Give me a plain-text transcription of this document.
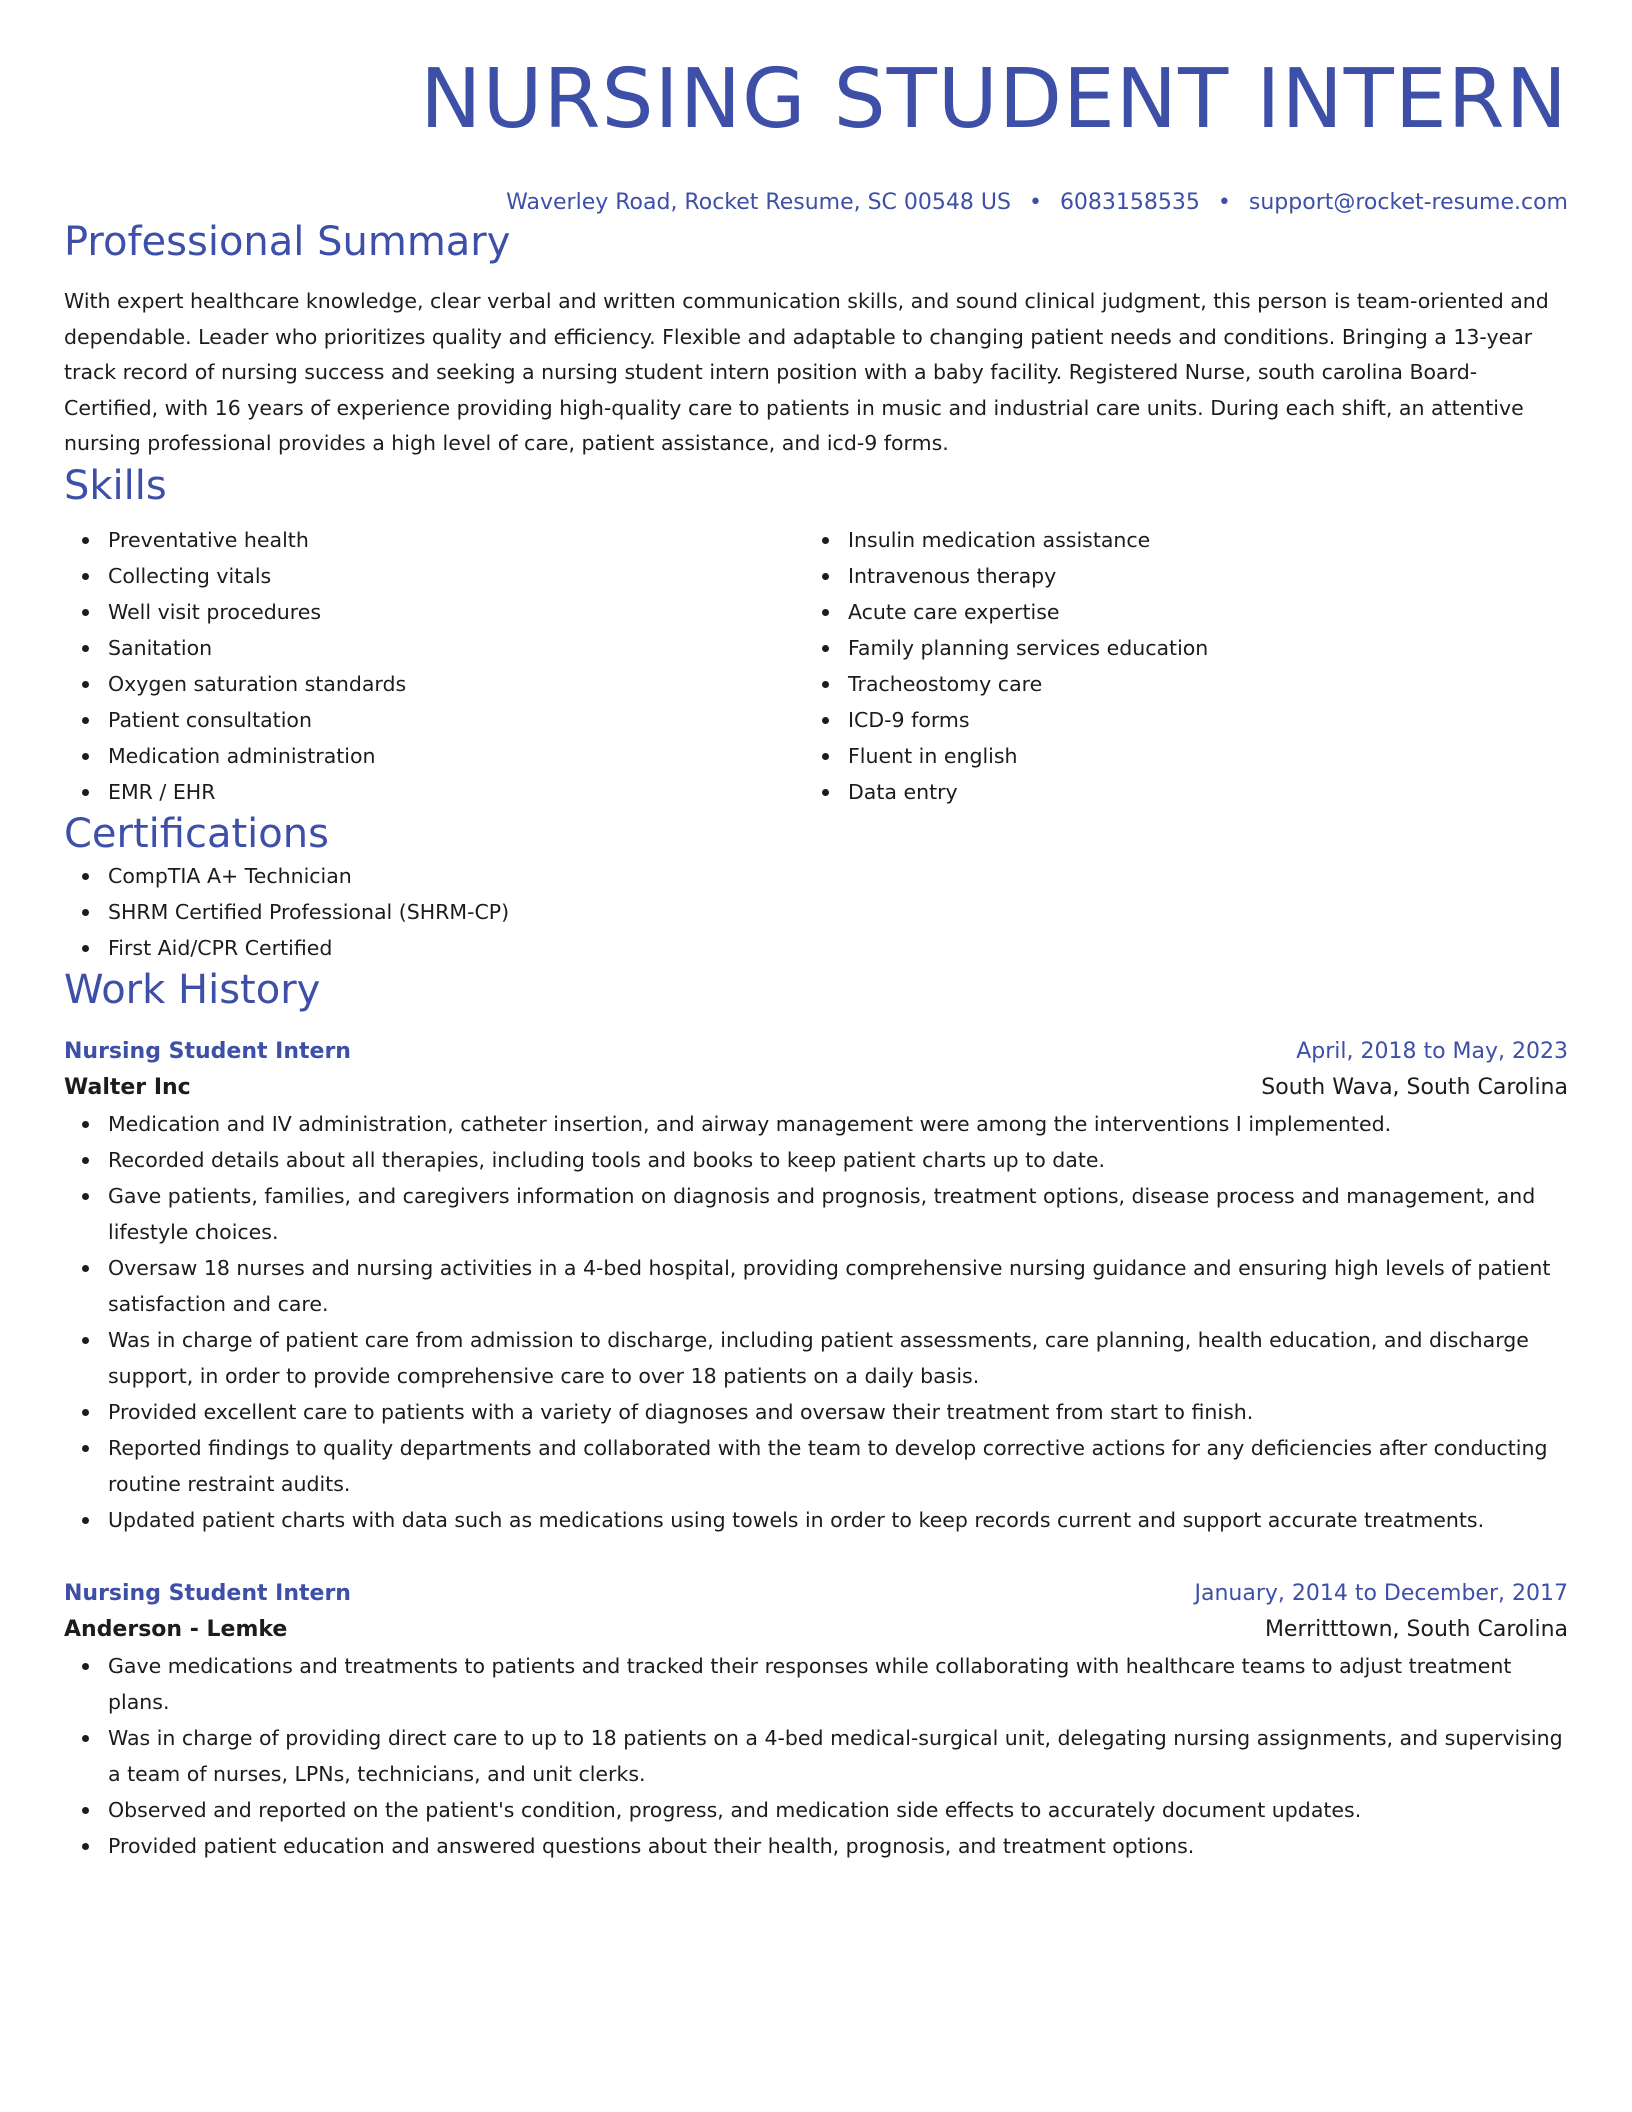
NURSING STUDENT INTERN
Waverley Road, Rocket Resume, SC 00548 US • 6083158535 • support@rocket-resume.com
Professional Summary
With expert healthcare knowledge, clear verbal and written communication skills, and sound clinical judgment, this person is team-oriented and dependable. Leader who prioritizes quality and efficiency. Flexible and adaptable to changing patient needs and conditions. Bringing a 13-year track record of nursing success and seeking a nursing student intern position with a baby facility. Registered Nurse, south carolina Board-Certified, with 16 years of experience providing high-quality care to patients in music and industrial care units. During each shift, an attentive nursing professional provides a high level of care, patient assistance, and icd-9 forms.
Skills
Preventative health
Collecting vitals
Well visit procedures
Sanitation
Oxygen saturation standards
Patient consultation
Medication administration
EMR / EHR
Insulin medication assistance
Intravenous therapy
Acute care expertise
Family planning services education
Tracheostomy care
ICD-9 forms
Fluent in english
Data entry
Certifications
CompTIA A+ Technician
SHRM Certified Professional (SHRM-CP)
First Aid/CPR Certified
Work History
Nursing Student Intern	April, 2018 to May, 2023
Walter Inc	South Wava, South Carolina
Medication and IV administration, catheter insertion, and airway management were among the interventions I implemented.
Recorded details about all therapies, including tools and books to keep patient charts up to date.
Gave patients, families, and caregivers information on diagnosis and prognosis, treatment options, disease process and management, and lifestyle choices.
Oversaw 18 nurses and nursing activities in a 4-bed hospital, providing comprehensive nursing guidance and ensuring high levels of patient satisfaction and care.
Was in charge of patient care from admission to discharge, including patient assessments, care planning, health education, and discharge support, in order to provide comprehensive care to over 18 patients on a daily basis.
Provided excellent care to patients with a variety of diagnoses and oversaw their treatment from start to finish.
Reported findings to quality departments and collaborated with the team to develop corrective actions for any deficiencies after conducting routine restraint audits.
Updated patient charts with data such as medications using towels in order to keep records current and support accurate treatments.
Nursing Student Intern	January, 2014 to December, 2017
Anderson - Lemke	Merritttown, South Carolina
Gave medications and treatments to patients and tracked their responses while collaborating with healthcare teams to adjust treatment plans.
Was in charge of providing direct care to up to 18 patients on a 4-bed medical-surgical unit, delegating nursing assignments, and supervising a team of nurses, LPNs, technicians, and unit clerks.
Observed and reported on the patient's condition, progress, and medication side effects to accurately document updates.
Provided patient education and answered questions about their health, prognosis, and treatment options.
